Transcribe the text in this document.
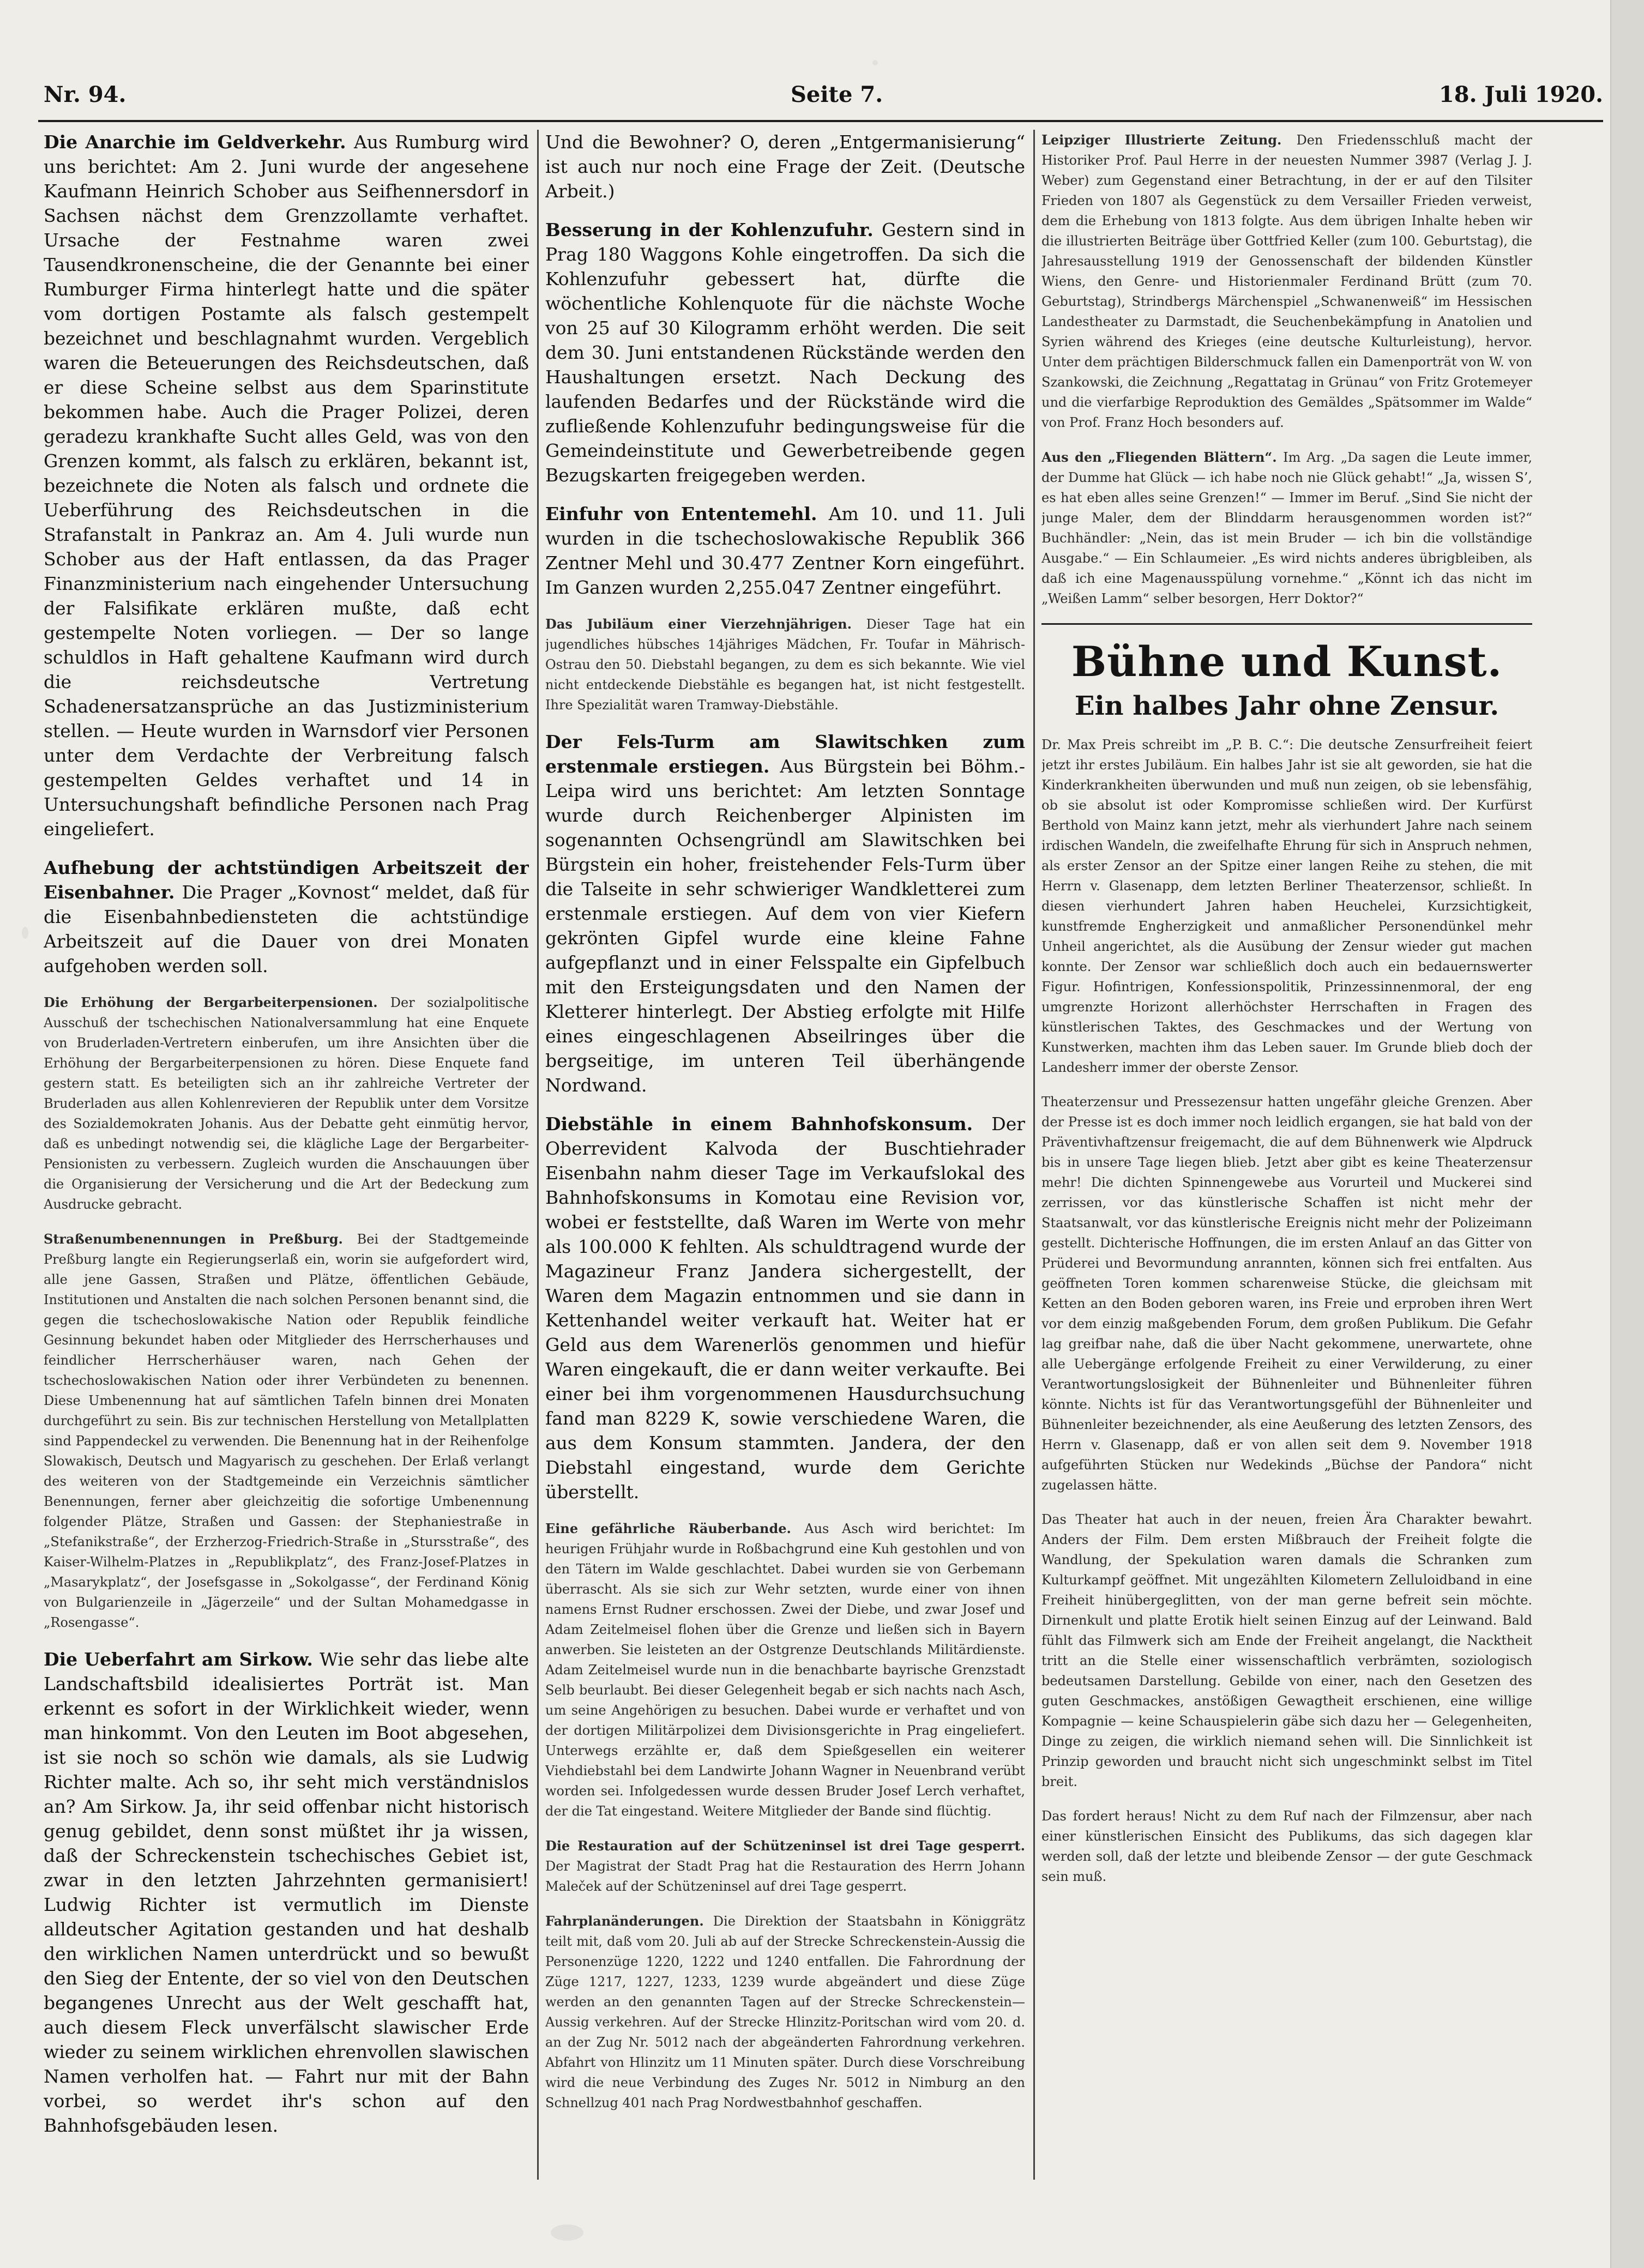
Nr. 94.	Seite 7.	18. Juli 1920.
Die Anarchie im Geldverkehr. Aus Rumburg wird uns berichtet: Am 2. Juni wurde der angesehene Kaufmann Heinrich Schober aus Seifhennersdorf in Sachsen nächst dem Grenzzollamte verhaftet. Ursache der Festnahme waren zwei Tausendkronenscheine, die der Genannte bei einer Rumburger Firma hinterlegt hatte und die später vom dortigen Postamte als falsch gestempelt bezeichnet und beschlagnahmt wurden. Vergeblich waren die Beteuerungen des Reichsdeutschen, daß er diese Scheine selbst aus dem Sparinstitute bekommen habe. Auch die Prager Polizei, deren geradezu krankhafte Sucht alles Geld, was von den Grenzen kommt, als falsch zu erklären, bekannt ist, bezeichnete die Noten als falsch und ordnete die Ueberführung des Reichsdeutschen in die Strafanstalt in Pankraz an. Am 4. Juli wurde nun Schober aus der Haft entlassen, da das Prager Finanzministerium nach eingehender Untersuchung der Falsifikate erklären mußte, daß echt gestempelte Noten vorliegen. — Der so lange schuldlos in Haft gehaltene Kaufmann wird durch die reichsdeutsche Vertretung Schadenersatzansprüche an das Justizministerium stellen. — Heute wurden in Warnsdorf vier Personen unter dem Verdachte der Verbreitung falsch gestempelten Geldes verhaftet und 14 in Untersuchungshaft befindliche Personen nach Prag eingeliefert.
Aufhebung der achtstündigen Arbeitszeit der Eisenbahner. Die Prager „Kovnost“ meldet, daß für die Eisenbahnbediensteten die achtstündige Arbeitszeit auf die Dauer von drei Monaten aufgehoben werden soll.
Die Erhöhung der Bergarbeiterpensionen. Der sozialpolitische Ausschuß der tschechischen Nationalversammlung hat eine Enquete von Bruderladen-Vertretern einberufen, um ihre Ansichten über die Erhöhung der Bergarbeiterpensionen zu hören. Diese Enquete fand gestern statt. Es beteiligten sich an ihr zahlreiche Vertreter der Bruderladen aus allen Kohlenrevieren der Republik unter dem Vorsitze des Sozialdemokraten Johanis. Aus der Debatte geht einmütig hervor, daß es unbedingt notwendig sei, die klägliche Lage der Bergarbeiter-Pensionisten zu verbessern. Zugleich wurden die Anschauungen über die Organisierung der Versicherung und die Art der Bedeckung zum Ausdrucke gebracht.
Straßenumbenennungen in Preßburg. Bei der Stadtgemeinde Preßburg langte ein Regierungserlaß ein, worin sie aufgefordert wird, alle jene Gassen, Straßen und Plätze, öffentlichen Gebäude, Institutionen und Anstalten die nach solchen Personen benannt sind, die gegen die tschechoslowakische Nation oder Republik feindliche Gesinnung bekundet haben oder Mitglieder des Herrscherhauses und feindlicher Herrscherhäuser waren, nach Gehen der tschechoslowakischen Nation oder ihrer Verbündeten zu benennen. Diese Umbenennung hat auf sämtlichen Tafeln binnen drei Monaten durchgeführt zu sein. Bis zur technischen Herstellung von Metallplatten sind Pappendeckel zu verwenden. Die Benennung hat in der Reihenfolge Slowakisch, Deutsch und Magyarisch zu geschehen. Der Erlaß verlangt des weiteren von der Stadtgemeinde ein Verzeichnis sämtlicher Benennungen, ferner aber gleichzeitig die sofortige Umbenennung folgender Plätze, Straßen und Gassen: der Stephaniestraße in „Stefanikstraße“, der Erzherzog-Friedrich-Straße in „Stursstraße“, des Kaiser-Wilhelm-Platzes in „Republikplatz“, des Franz-Josef-Platzes in „Masarykplatz“, der Josefsgasse in „Sokolgasse“, der Ferdinand König von Bulgarienzeile in „Jägerzeile“ und der Sultan Mohamedgasse in „Rosengasse“.
Die Ueberfahrt am Sirkow. Wie sehr das liebe alte Landschaftsbild idealisiertes Porträt ist. Man erkennt es sofort in der Wirklichkeit wieder, wenn man hinkommt. Von den Leuten im Boot abgesehen, ist sie noch so schön wie damals, als sie Ludwig Richter malte. Ach so, ihr seht mich verständnislos an? Am Sirkow. Ja, ihr seid offenbar nicht historisch genug gebildet, denn sonst müßtet ihr ja wissen, daß der Schreckenstein tschechisches Gebiet ist, zwar in den letzten Jahrzehnten germanisiert! Ludwig Richter ist vermutlich im Dienste alldeutscher Agitation gestanden und hat deshalb den wirklichen Namen unterdrückt und so bewußt den Sieg der Entente, der so viel von den Deutschen begangenes Unrecht aus der Welt geschafft hat, auch diesem Fleck unverfälscht slawischer Erde wieder zu seinem wirklichen ehrenvollen slawischen Namen verholfen hat. — Fahrt nur mit der Bahn vorbei, so werdet ihr's schon auf den Bahnhofsgebäuden lesen.
Und die Bewohner? O, deren „Entgermanisierung“ ist auch nur noch eine Frage der Zeit. (Deutsche Arbeit.)
Besserung in der Kohlenzufuhr. Gestern sind in Prag 180 Waggons Kohle eingetroffen. Da sich die Kohlenzufuhr gebessert hat, dürfte die wöchentliche Kohlenquote für die nächste Woche von 25 auf 30 Kilogramm erhöht werden. Die seit dem 30. Juni entstandenen Rückstände werden den Haushaltungen ersetzt. Nach Deckung des laufenden Bedarfes und der Rückstände wird die zufließende Kohlenzufuhr bedingungsweise für die Gemeindeinstitute und Gewerbetreibende gegen Bezugskarten freigegeben werden.
Einfuhr von Ententemehl. Am 10. und 11. Juli wurden in die tschechoslowakische Republik 366 Zentner Mehl und 30.477 Zentner Korn eingeführt. Im Ganzen wurden 2,255.047 Zentner eingeführt.
Das Jubiläum einer Vierzehnjährigen. Dieser Tage hat ein jugendliches hübsches 14jähriges Mädchen, Fr. Toufar in Mährisch-Ostrau den 50. Diebstahl begangen, zu dem es sich bekannte. Wie viel nicht entdeckende Diebstähle es begangen hat, ist nicht festgestellt. Ihre Spezialität waren Tramway-Diebstähle.
Der Fels-Turm am Slawitschken zum erstenmale erstiegen. Aus Bürgstein bei Böhm.-Leipa wird uns berichtet: Am letzten Sonntage wurde durch Reichenberger Alpinisten im sogenannten Ochsengründl am Slawitschken bei Bürgstein ein hoher, freistehender Fels-Turm über die Talseite in sehr schwieriger Wandkletterei zum erstenmale erstiegen. Auf dem von vier Kiefern gekrönten Gipfel wurde eine kleine Fahne aufgepflanzt und in einer Felsspalte ein Gipfelbuch mit den Ersteigungsdaten und den Namen der Kletterer hinterlegt. Der Abstieg erfolgte mit Hilfe eines eingeschlagenen Abseilringes über die bergseitige, im unteren Teil überhängende Nordwand.
Diebstähle in einem Bahnhofskonsum. Der Oberrevident Kalvoda der Buschtiehrader Eisenbahn nahm dieser Tage im Verkaufslokal des Bahnhofskonsums in Komotau eine Revision vor, wobei er feststellte, daß Waren im Werte von mehr als 100.000 K fehlten. Als schuldtragend wurde der Magazineur Franz Jandera sichergestellt, der Waren dem Magazin entnommen und sie dann in Kettenhandel weiter verkauft hat. Weiter hat er Geld aus dem Warenerlös genommen und hiefür Waren eingekauft, die er dann weiter verkaufte. Bei einer bei ihm vorgenommenen Hausdurchsuchung fand man 8229 K, sowie verschiedene Waren, die aus dem Konsum stammten. Jandera, der den Diebstahl eingestand, wurde dem Gerichte überstellt.
Eine gefährliche Räuberbande. Aus Asch wird berichtet: Im heurigen Frühjahr wurde in Roßbachgrund eine Kuh gestohlen und von den Tätern im Walde geschlachtet. Dabei wurden sie von Gerbemann überrascht. Als sie sich zur Wehr setzten, wurde einer von ihnen namens Ernst Rudner erschossen. Zwei der Diebe, und zwar Josef und Adam Zeitelmeisel flohen über die Grenze und ließen sich in Bayern anwerben. Sie leisteten an der Ostgrenze Deutschlands Militärdienste. Adam Zeitelmeisel wurde nun in die benachbarte bayrische Grenzstadt Selb beurlaubt. Bei dieser Gelegenheit begab er sich nachts nach Asch, um seine Angehörigen zu besuchen. Dabei wurde er verhaftet und von der dortigen Militärpolizei dem Divisionsgerichte in Prag eingeliefert. Unterwegs erzählte er, daß dem Spießgesellen ein weiterer Viehdiebstahl bei dem Landwirte Johann Wagner in Neuenbrand verübt worden sei. Infolgedessen wurde dessen Bruder Josef Lerch verhaftet, der die Tat eingestand. Weitere Mitglieder der Bande sind flüchtig.
Die Restauration auf der Schützeninsel ist drei Tage gesperrt. Der Magistrat der Stadt Prag hat die Restauration des Herrn Johann Maleček auf der Schützeninsel auf drei Tage gesperrt.
Fahrplanänderungen. Die Direktion der Staatsbahn in Königgrätz teilt mit, daß vom 20. Juli ab auf der Strecke Schreckenstein-Aussig die Personenzüge 1220, 1222 und 1240 entfallen. Die Fahrordnung der Züge 1217, 1227, 1233, 1239 wurde abgeändert und diese Züge werden an den genannten Tagen auf der Strecke Schreckenstein—Aussig verkehren. Auf der Strecke Hlinzitz-Poritschan wird vom 20. d. an der Zug Nr. 5012 nach der abgeänderten Fahrordnung verkehren. Abfahrt von Hlinzitz um 11 Minuten später. Durch diese Vorschreibung wird die neue Verbindung des Zuges Nr. 5012 in Nimburg an den Schnellzug 401 nach Prag Nordwestbahnhof geschaffen.
Leipziger Illustrierte Zeitung. Den Friedensschluß macht der Historiker Prof. Paul Herre in der neuesten Nummer 3987 (Verlag J. J. Weber) zum Gegenstand einer Betrachtung, in der er auf den Tilsiter Frieden von 1807 als Gegenstück zu dem Versailler Frieden verweist, dem die Erhebung von 1813 folgte. Aus dem übrigen Inhalte heben wir die illustrierten Beiträge über Gottfried Keller (zum 100. Geburtstag), die Jahresausstellung 1919 der Genossenschaft der bildenden Künstler Wiens, den Genre- und Historienmaler Ferdinand Brütt (zum 70. Geburtstag), Strindbergs Märchenspiel „Schwanenweiß“ im Hessischen Landestheater zu Darmstadt, die Seuchenbekämpfung in Anatolien und Syrien während des Krieges (eine deutsche Kulturleistung), hervor. Unter dem prächtigen Bilderschmuck fallen ein Damenporträt von W. von Szankowski, die Zeichnung „Regattatag in Grünau“ von Fritz Grotemeyer und die vierfarbige Reproduktion des Gemäldes „Spätsommer im Walde“ von Prof. Franz Hoch besonders auf.
Aus den „Fliegenden Blättern“. Im Arg. „Da sagen die Leute immer, der Dumme hat Glück — ich habe noch nie Glück gehabt!“ „Ja, wissen S’, es hat eben alles seine Grenzen!“ — Immer im Beruf. „Sind Sie nicht der junge Maler, dem der Blinddarm herausgenommen worden ist?“ Buchhändler: „Nein, das ist mein Bruder — ich bin die vollständige Ausgabe.“ — Ein Schlaumeier. „Es wird nichts anderes übrigbleiben, als daß ich eine Magenausspülung vornehme.“ „Könnt ich das nicht im „Weißen Lamm“ selber besorgen, Herr Doktor?“
Bühne und Kunst.
Ein halbes Jahr ohne Zensur.
Dr. Max Preis schreibt im „P. B. C.“: Die deutsche Zensurfreiheit feiert jetzt ihr erstes Jubiläum. Ein halbes Jahr ist sie alt geworden, sie hat die Kinderkrankheiten überwunden und muß nun zeigen, ob sie lebensfähig, ob sie absolut ist oder Kompromisse schließen wird. Der Kurfürst Berthold von Mainz kann jetzt, mehr als vierhundert Jahre nach seinem irdischen Wandeln, die zweifelhafte Ehrung für sich in Anspruch nehmen, als erster Zensor an der Spitze einer langen Reihe zu stehen, die mit Herrn v. Glasenapp, dem letzten Berliner Theaterzensor, schließt. In diesen vierhundert Jahren haben Heuchelei, Kurzsichtigkeit, kunstfremde Engherzigkeit und anmaßlicher Personendünkel mehr Unheil angerichtet, als die Ausübung der Zensur wieder gut machen konnte. Der Zensor war schließlich doch auch ein bedauernswerter Figur. Hofintrigen, Konfessionspolitik, Prinzessinnenmoral, der eng umgrenzte Horizont allerhöchster Herrschaften in Fragen des künstlerischen Taktes, des Geschmackes und der Wertung von Kunstwerken, machten ihm das Leben sauer. Im Grunde blieb doch der Landesherr immer der oberste Zensor.
Theaterzensur und Pressezensur hatten ungefähr gleiche Grenzen. Aber der Presse ist es doch immer noch leidlich ergangen, sie hat bald von der Präventivhaftzensur freigemacht, die auf dem Bühnenwerk wie Alpdruck bis in unsere Tage liegen blieb. Jetzt aber gibt es keine Theaterzensur mehr! Die dichten Spinnengewebe aus Vorurteil und Muckerei sind zerrissen, vor das künstlerische Schaffen ist nicht mehr der Staatsanwalt, vor das künstlerische Ereignis nicht mehr der Polizeimann gestellt. Dichterische Hoffnungen, die im ersten Anlauf an das Gitter von Prüderei und Bevormundung anrannten, können sich frei entfalten. Aus geöffneten Toren kommen scharenweise Stücke, die gleichsam mit Ketten an den Boden geboren waren, ins Freie und erproben ihren Wert vor dem einzig maßgebenden Forum, dem großen Publikum. Die Gefahr lag greifbar nahe, daß die über Nacht gekommene, unerwartete, ohne alle Uebergänge erfolgende Freiheit zu einer Verwilderung, zu einer Verantwortungslosigkeit der Bühnenleiter und Bühnenleiter führen könnte. Nichts ist für das Verantwortungsgefühl der Bühnenleiter und Bühnenleiter bezeichnender, als eine Aeußerung des letzten Zensors, des Herrn v. Glasenapp, daß er von allen seit dem 9. November 1918 aufgeführten Stücken nur Wedekinds „Büchse der Pandora“ nicht zugelassen hätte.
Das Theater hat auch in der neuen, freien Ära Charakter bewahrt. Anders der Film. Dem ersten Mißbrauch der Freiheit folgte die Wandlung, der Spekulation waren damals die Schranken zum Kulturkampf geöffnet. Mit ungezählten Kilometern Zelluloidband in eine Freiheit hinübergeglitten, von der man gerne befreit sein möchte. Dirnenkult und platte Erotik hielt seinen Einzug auf der Leinwand. Bald fühlt das Filmwerk sich am Ende der Freiheit angelangt, die Nacktheit tritt an die Stelle einer wissenschaftlich verbrämten, soziologisch bedeutsamen Darstellung. Gebilde von einer, nach den Gesetzen des guten Geschmackes, anstößigen Gewagtheit erschienen, eine willige Kompagnie — keine Schauspielerin gäbe sich dazu her — Gelegenheiten, Dinge zu zeigen, die wirklich niemand sehen will. Die Sinnlichkeit ist Prinzip geworden und braucht nicht sich ungeschminkt selbst im Titel breit.
Das fordert heraus! Nicht zu dem Ruf nach der Filmzensur, aber nach einer künstlerischen Einsicht des Publikums, das sich dagegen klar werden soll, daß der letzte und bleibende Zensor — der gute Geschmack sein muß.
